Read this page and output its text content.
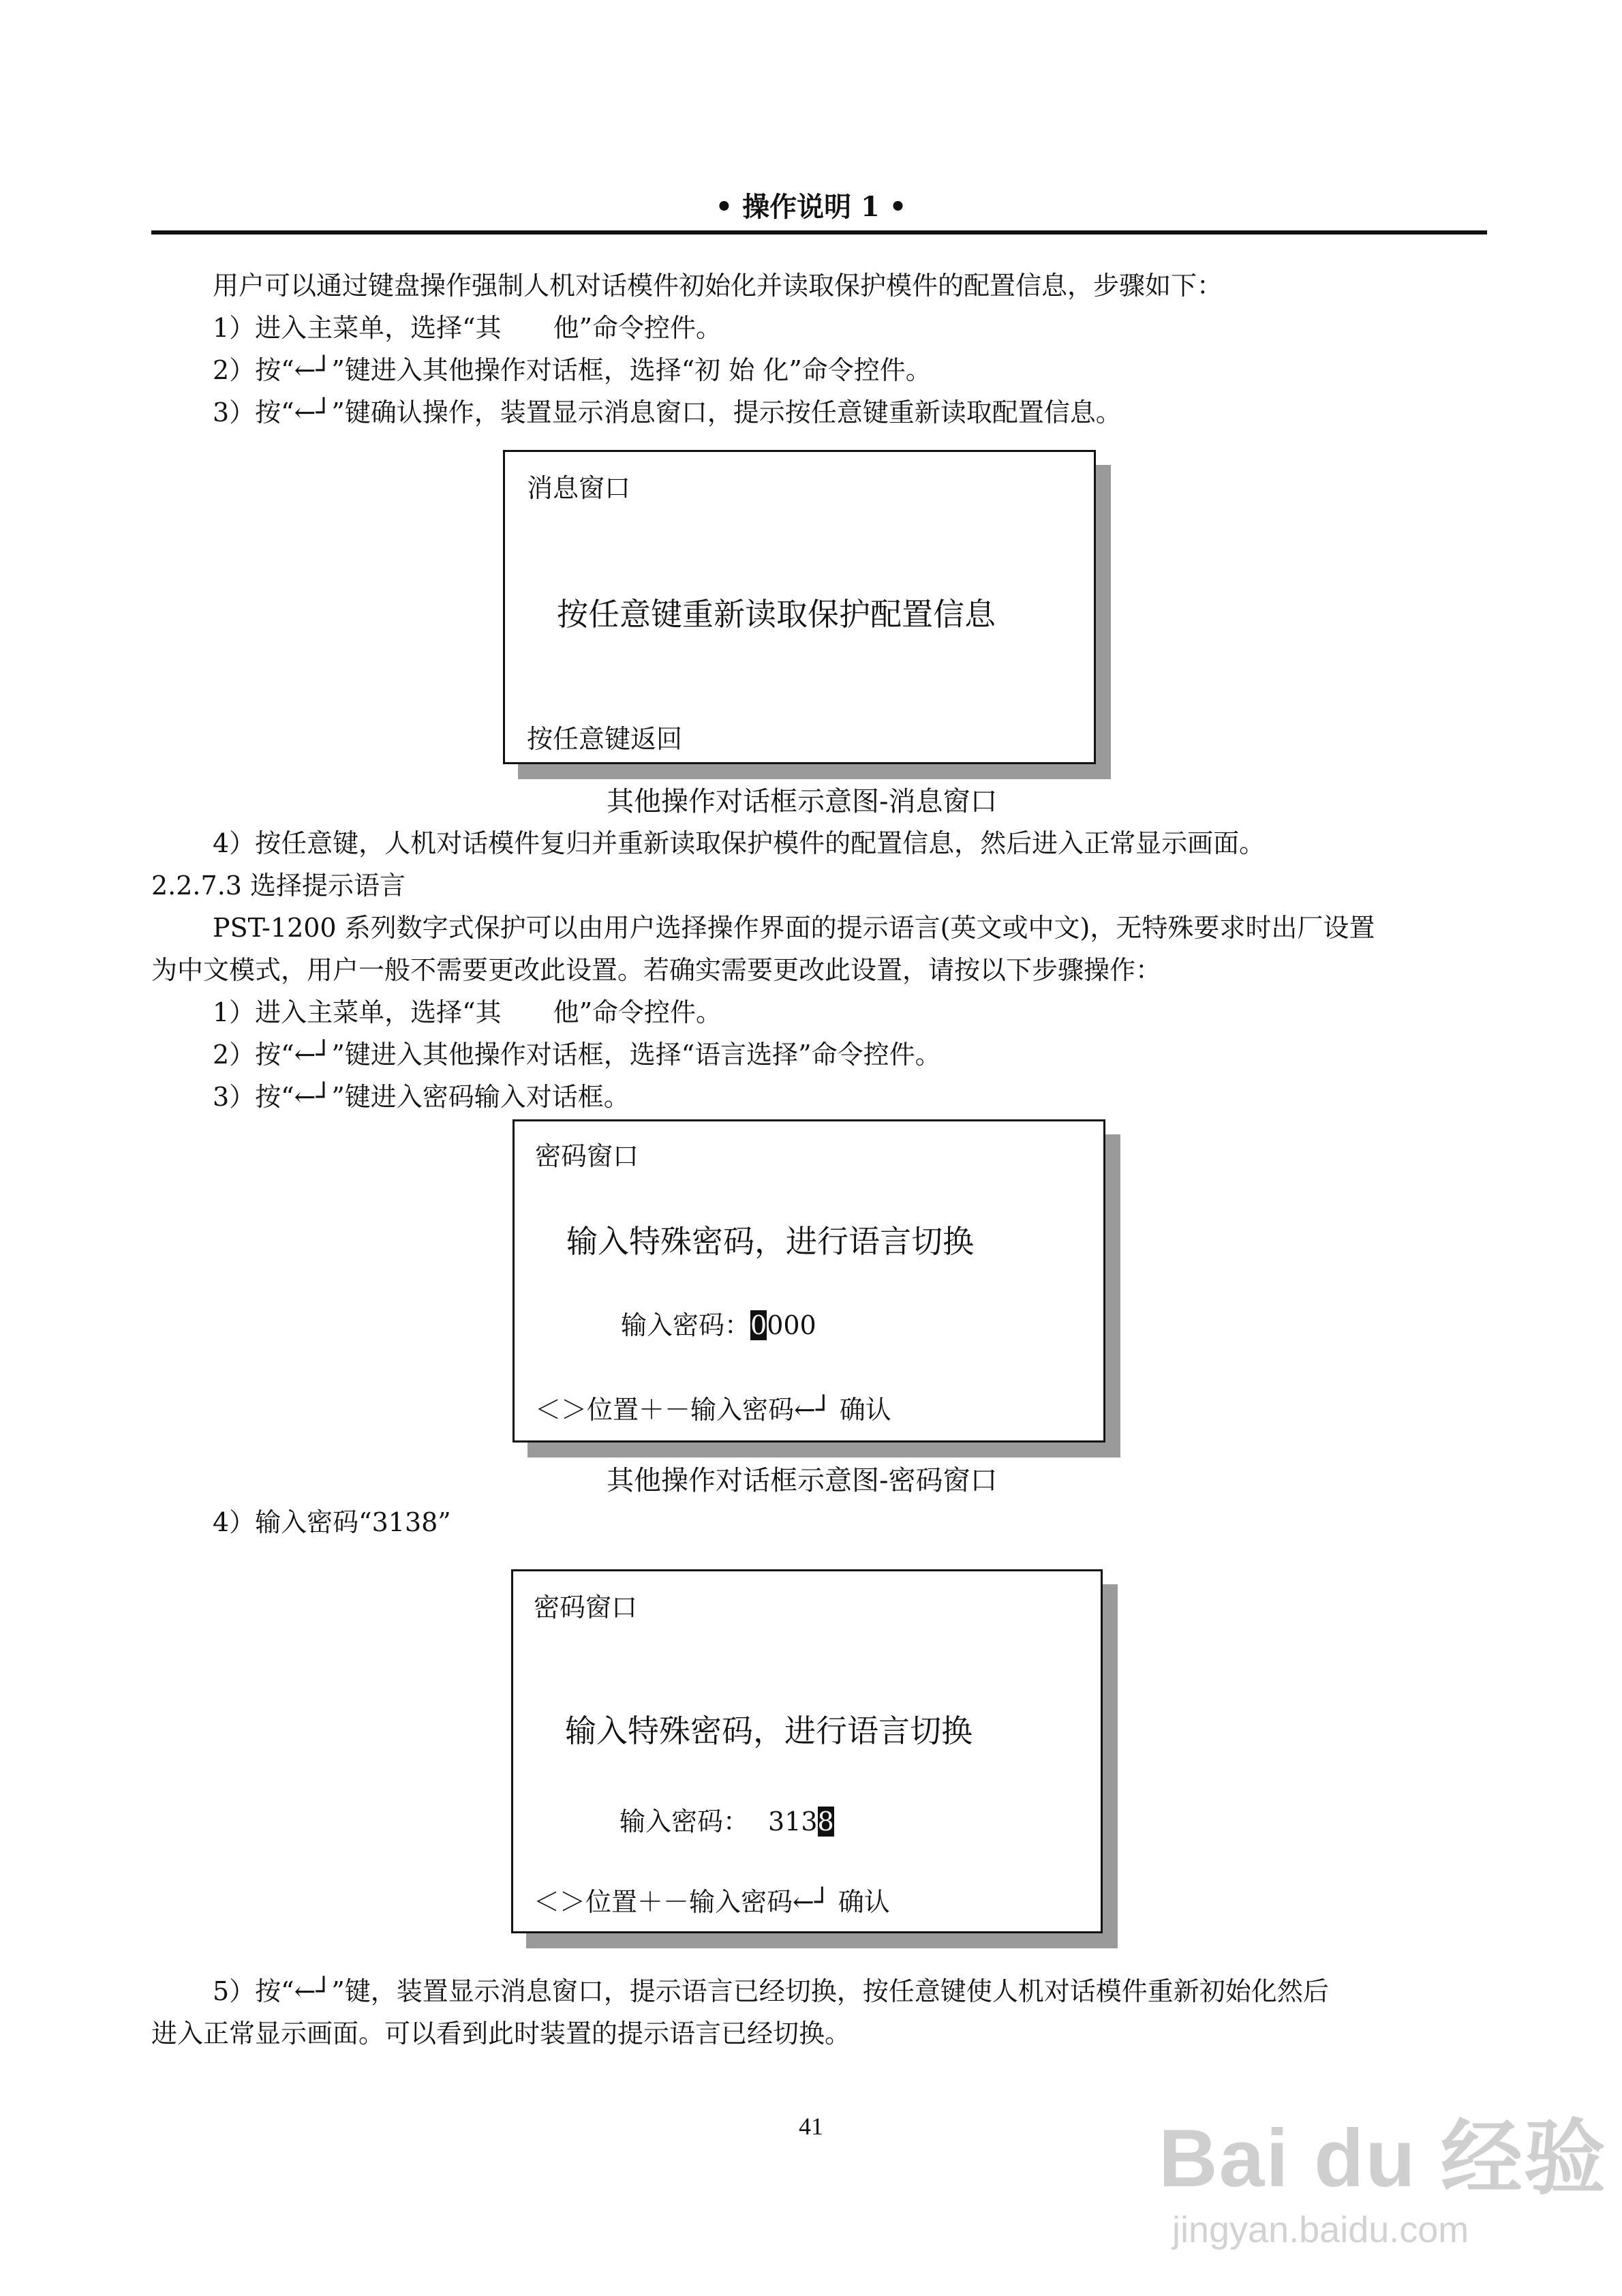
• 操作说明 1 •
用户可以通过键盘操作强制人机对话模件初始化并读取保护模件的配置信息，步骤如下：
1）进入主菜单，选择“其　　他”命令控件。
2）按“←┘”键进入其他操作对话框，选择“初 始 化”命令控件。
3）按“←┘”键确认操作，装置显示消息窗口，提示按任意键重新读取配置信息。
消息窗口
按任意键重新读取保护配置信息
按任意键返回
其他操作对话框示意图-消息窗口
4）按任意键，人机对话模件复归并重新读取保护模件的配置信息，然后进入正常显示画面。
2.2.7.3 选择提示语言
PST-1200 系列数字式保护可以由用户选择操作界面的提示语言(英文或中文)，无特殊要求时出厂设置
为中文模式，用户一般不需要更改此设置。若确实需要更改此设置，请按以下步骤操作：
1）进入主菜单，选择“其　　他”命令控件。
2）按“←┘”键进入其他操作对话框，选择“语言选择”命令控件。
3）按“←┘”键进入密码输入对话框。
密码窗口
输入特殊密码，进行语言切换
输入密码：0000
＜＞位置＋－输入密码←┘ 确认
其他操作对话框示意图-密码窗口
4）输入密码“3138”
密码窗口
输入特殊密码，进行语言切换
输入密码： 3138
＜＞位置＋－输入密码←┘ 确认
5）按“←┘”键，装置显示消息窗口，提示语言已经切换，按任意键使人机对话模件重新初始化然后
进入正常显示画面。可以看到此时装置的提示语言已经切换。
41	Bai du 经验
jingyan.baidu.com
